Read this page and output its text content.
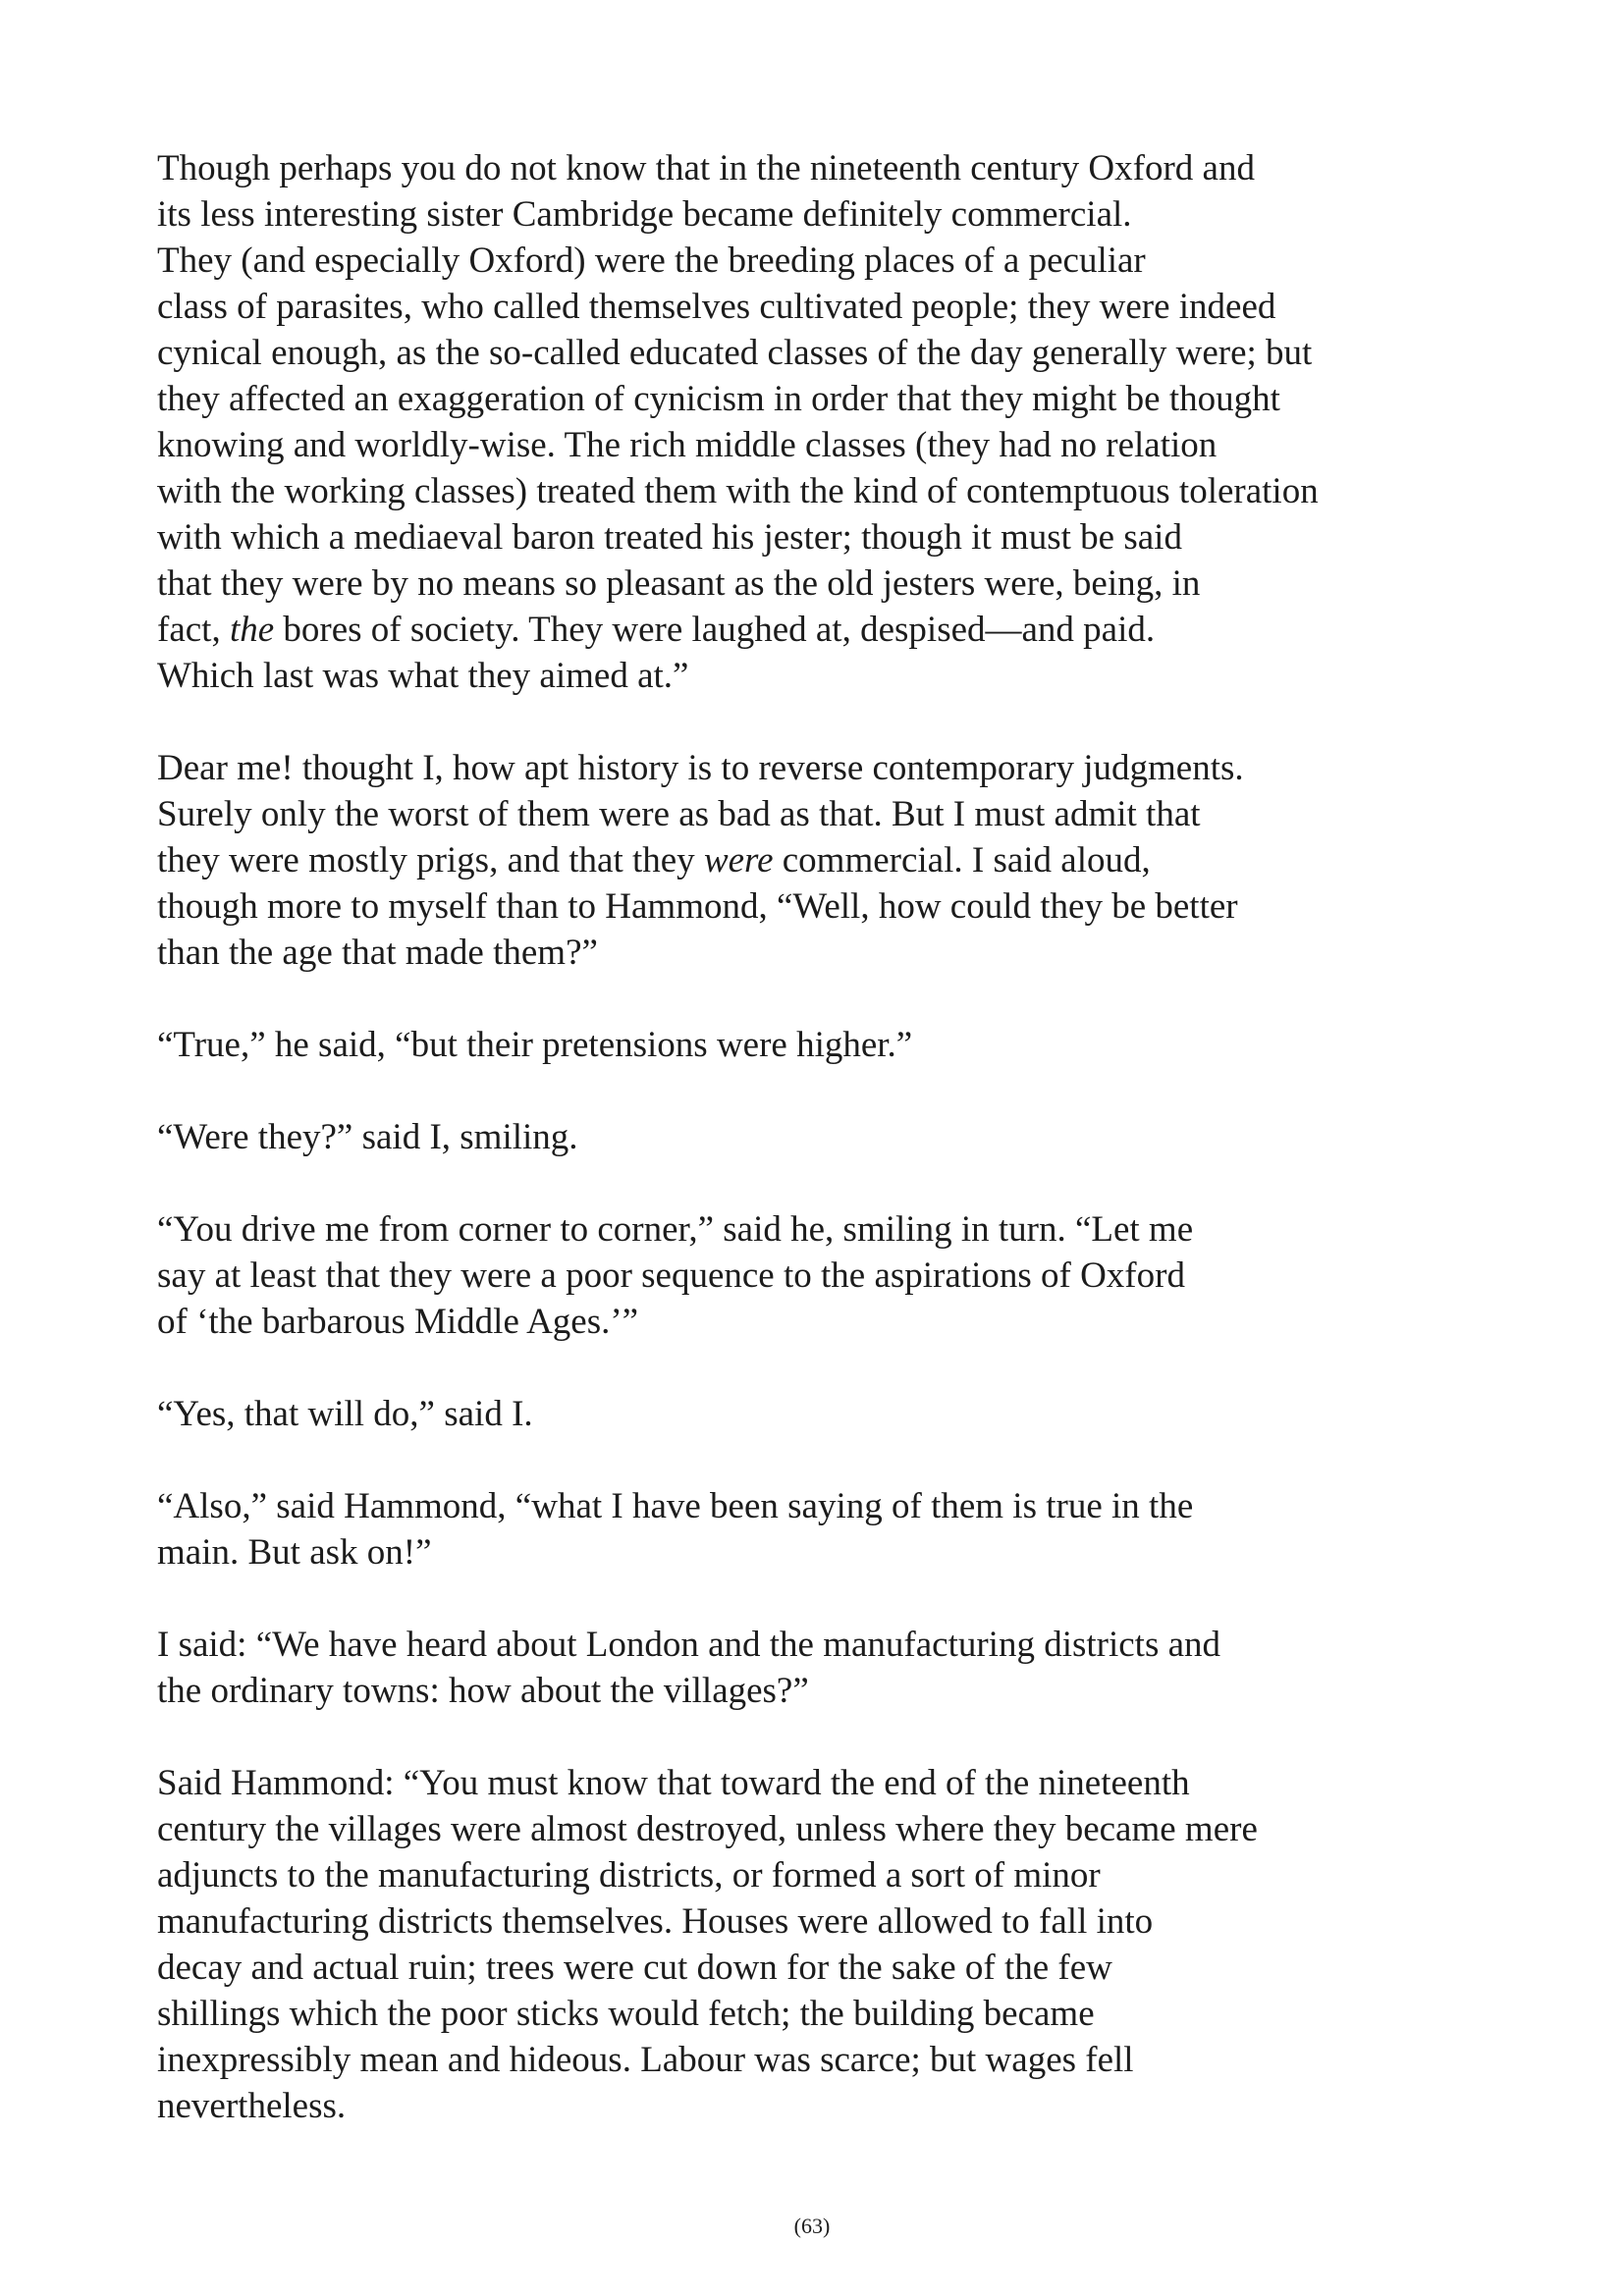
Though perhaps you do not know that in the nineteenth century Oxford and
its less interesting sister Cambridge became definitely commercial.
They (and especially Oxford) were the breeding places of a peculiar
class of parasites, who called themselves cultivated people; they were indeed
cynical enough, as the so-called educated classes of the day generally were; but
they affected an exaggeration of cynicism in order that they might be thought
knowing and worldly-wise. The rich middle classes (they had no relation
with the working classes) treated them with the kind of contemptuous toleration
with which a mediaeval baron treated his jester; though it must be said
that they were by no means so pleasant as the old jesters were, being, in
fact, the bores of society. They were laughed at, despised—and paid.
Which last was what they aimed at.”

Dear me! thought I, how apt history is to reverse contemporary judgments.
Surely only the worst of them were as bad as that. But I must admit that
they were mostly prigs, and that they were commercial. I said aloud,
though more to myself than to Hammond, “Well, how could they be better
than the age that made them?”

“True,” he said, “but their pretensions were higher.”

“Were they?” said I, smiling.

“You drive me from corner to corner,” said he, smiling in turn. “Let me
say at least that they were a poor sequence to the aspirations of Oxford
of ‘the barbarous Middle Ages.’”

“Yes, that will do,” said I.

“Also,” said Hammond, “what I have been saying of them is true in the
main. But ask on!”

I said: “We have heard about London and the manufacturing districts and
the ordinary towns: how about the villages?”

Said Hammond: “You must know that toward the end of the nineteenth
century the villages were almost destroyed, unless where they became mere
adjuncts to the manufacturing districts, or formed a sort of minor
manufacturing districts themselves. Houses were allowed to fall into
decay and actual ruin; trees were cut down for the sake of the few
shillings which the poor sticks would fetch; the building became
inexpressibly mean and hideous. Labour was scarce; but wages fell
nevertheless.

(63)
